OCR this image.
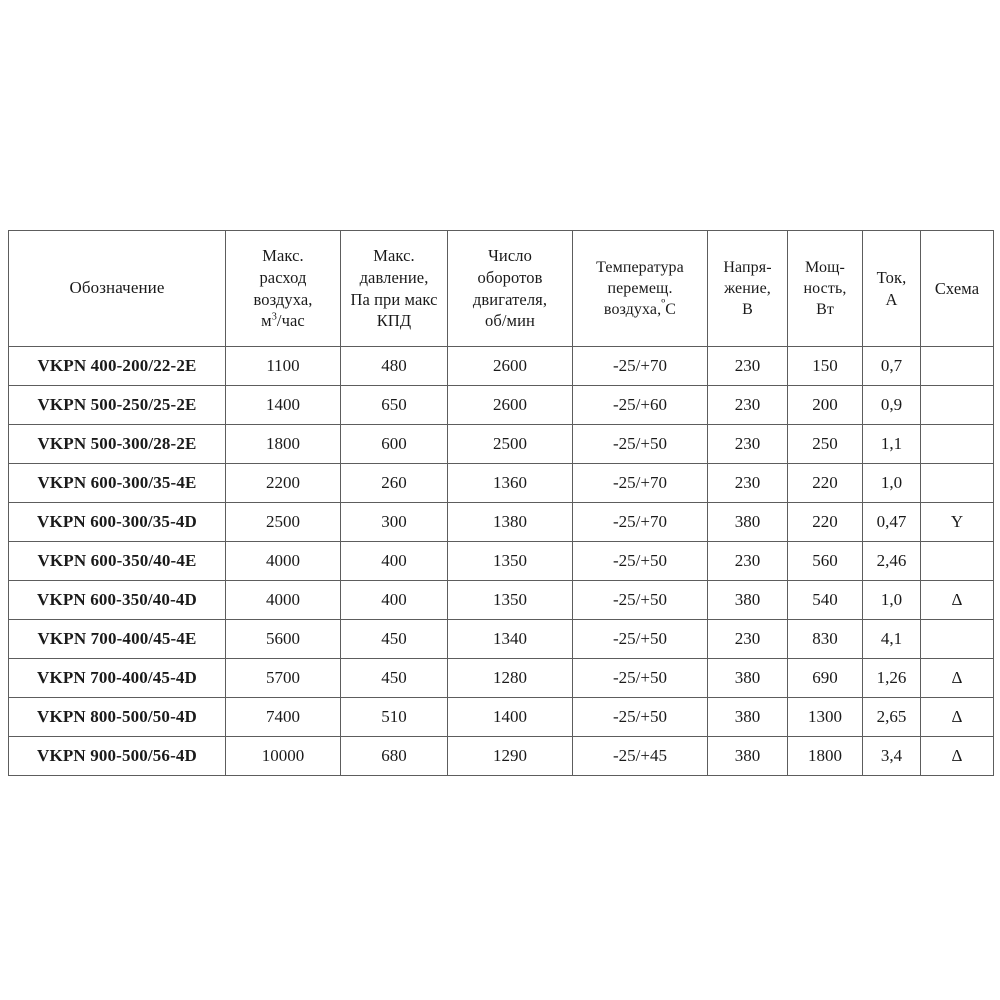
Обозначение	Макс.
расход
воздуха,
$м^3$/час	Макс.
давление,
Па при макс
КПД	Число
оборотов
двигателя,
об/мин	Температура
перемещ.
воздуха,$^º$C	Напря-
жение,
В	Мощ-
ность,
Вт	Ток,
А	Схема

VKPN 400-200/22-2E	1100	480	2600	-25/+70	230	150	0,7	
VKPN 500-250/25-2E	1400	650	2600	-25/+60	230	200	0,9	
VKPN 500-300/28-2E	1800	600	2500	-25/+50	230	250	1,1	
VKPN 600-300/35-4E	2200	260	1360	-25/+70	230	220	1,0	
VKPN 600-300/35-4D	2500	300	1380	-25/+70	380	220	0,47	Y
VKPN 600-350/40-4E	4000	400	1350	-25/+50	230	560	2,46	
VKPN 600-350/40-4D	4000	400	1350	-25/+50	380	540	1,0	Δ
VKPN 700-400/45-4E	5600	450	1340	-25/+50	230	830	4,1	
VKPN 700-400/45-4D	5700	450	1280	-25/+50	380	690	1,26	Δ
VKPN 800-500/50-4D	7400	510	1400	-25/+50	380	1300	2,65	Δ
VKPN 900-500/56-4D	10000	680	1290	-25/+45	380	1800	3,4	Δ
